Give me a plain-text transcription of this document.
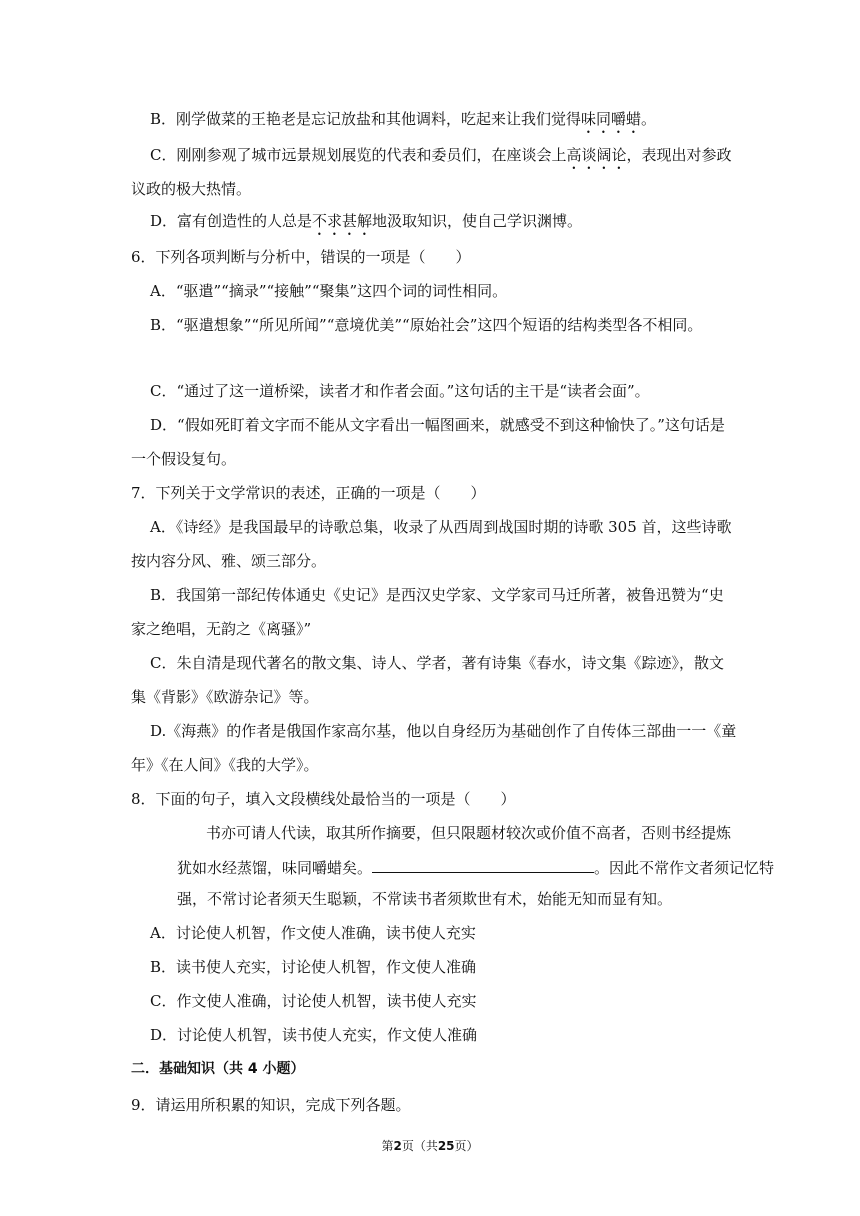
B．刚学做菜的王艳老是忘记放盐和其他调料，吃起来让我们觉得味同嚼蜡。
C．刚刚参观了城市远景规划展览的代表和委员们，在座谈会上高谈阔论，表现出对参政
议政的极大热情。
D．富有创造性的人总是不求甚解地汲取知识，使自己学识渊博。
6．下列各项判断与分析中，错误的一项是（　　）
A．“驱遣”“摘录”“接触”“聚集”这四个词的词性相同。
B．“驱遣想象”“所见所闻”“意境优美”“原始社会”这四个短语的结构类型各不相同。
C．“通过了这一道桥梁，读者才和作者会面。”这句话的主干是“读者会面”。
D．“假如死盯着文字而不能从文字看出一幅图画来，就感受不到这种愉快了。”这句话是
一个假设复句。
7．下列关于文学常识的表述，正确的一项是（　　）
A．《诗经》是我国最早的诗歌总集，收录了从西周到战国时期的诗歌 305 首，这些诗歌
按内容分风、雅、颂三部分。
B．我国第一部纪传体通史《史记》是西汉史学家、文学家司马迁所著，被鲁迅赞为“史
家之绝唱，无韵之《离骚》”
C．朱自清是现代著名的散文集、诗人、学者，著有诗集《春水，诗文集《踪迹》，散文
集《背影》《欧游杂记》等。
D.《海燕》的作者是俄国作家高尔基，他以自身经历为基础创作了自传体三部曲一一《童
年》《在人间》《我的大学》。
8．下面的句子，填入文段横线处最恰当的一项是（　　）
书亦可请人代读，取其所作摘要，但只限题材较次或价值不高者，否则书经提炼
犹如水经蒸馏，味同嚼蜡矣。	。因此不常作文者须记忆特
强，不常讨论者须天生聪颖，不常读书者须欺世有术，始能无知而显有知。
A．讨论使人机智，作文使人准确，读书使人充实
B．读书使人充实，讨论使人机智，作文使人准确
C．作文使人准确，讨论使人机智，读书使人充实
D．讨论使人机智，读书使人充实，作文使人准确
二．基础知识（共 4 小题）
9．请运用所积累的知识，完成下列各题。
第2页（共25页）
